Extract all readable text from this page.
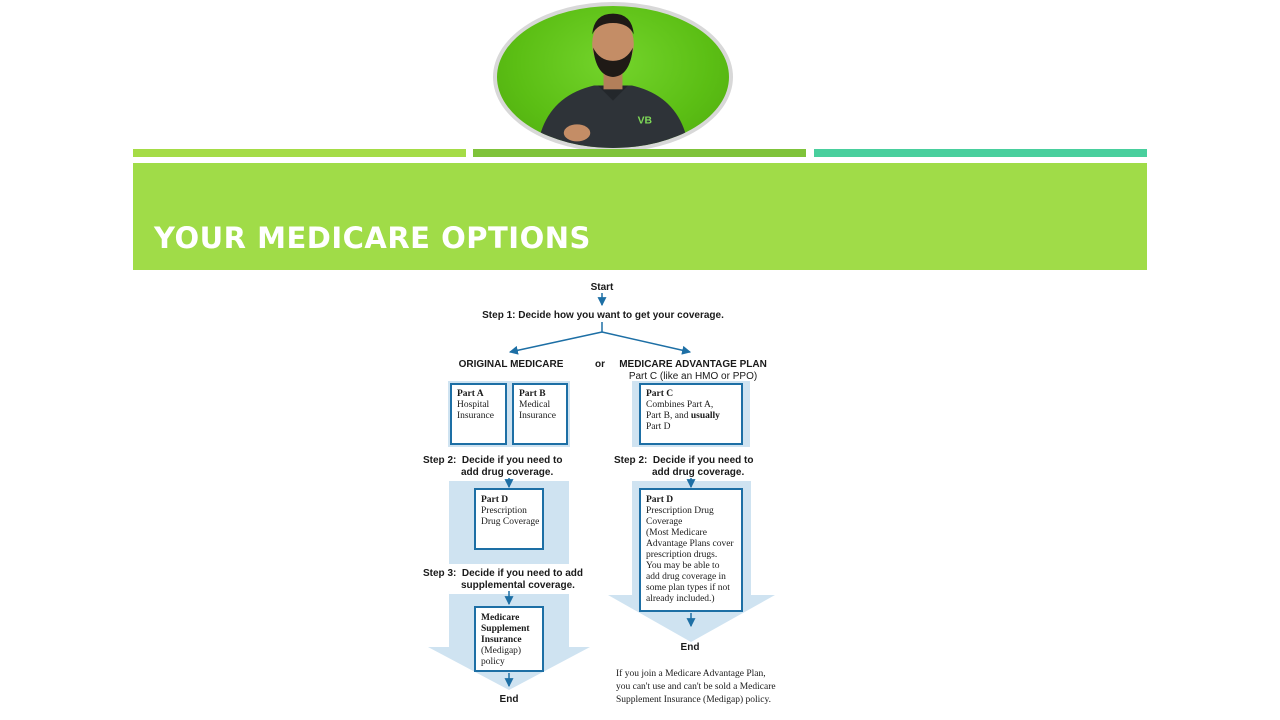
VB
YOUR MEDICARE OPTIONS
Start
Step 1: Decide how you want to get your coverage.
ORIGINAL MEDICARE	or MEDICARE ADVANTAGE PLAN
Part C (like an HMO or PPO)
Part A
Hospital
Insurance
Part B
Medical
Insurance
Part C
Combines Part A,
Part B, and usually
Part D
Step 2:  Decide if you need to
add drug coverage.
Step 2:  Decide if you need to
add drug coverage.
Part D
Prescription
Drug Coverage
Part D
Prescription Drug
Coverage
(Most Medicare
Advantage Plans cover
prescription drugs.
You may be able to
add drug coverage in
some plan types if not
already included.)
Step 3:  Decide if you need to add
supplemental coverage.
Medicare
Supplement
Insurance
(Medigap)
policy
End
End
If you join a Medicare Advantage Plan,
you can't use and can't be sold a Medicare
Supplement Insurance (Medigap) policy.
